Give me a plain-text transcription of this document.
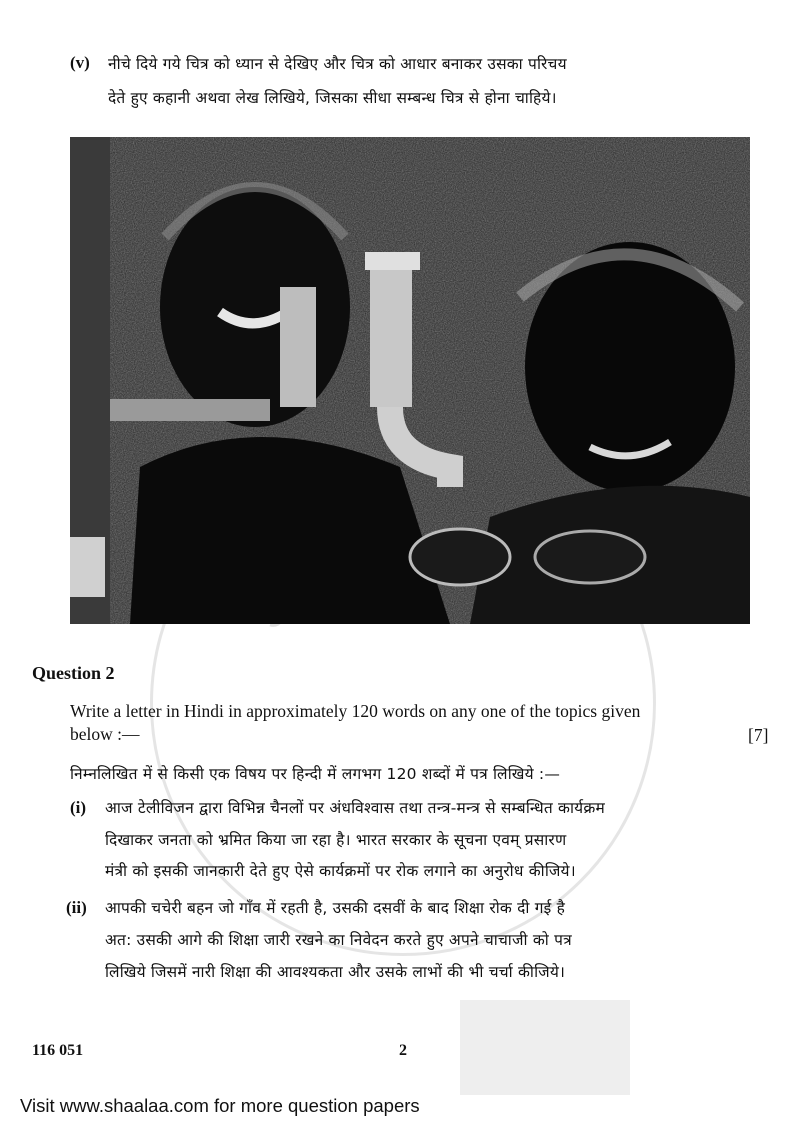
(v) नीचे दिये गये चित्र को ध्यान से देखिए और चित्र को आधार बनाकर उसका परिचय
देते हुए कहानी अथवा लेख लिखिये, जिसका सीधा सम्बन्ध चित्र से होना चाहिये।
Question 2
Write a letter in Hindi in approximately 120 words on any one of the topics given
below :—	[7]
निम्नलिखित में से किसी एक विषय पर हिन्दी में लगभग 120 शब्दों में पत्र लिखिये :—
(i) आज टेलीविजन द्वारा विभिन्न चैनलों पर अंधविश्वास तथा तन्त्र-मन्त्र से सम्बन्धित कार्यक्रम
दिखाकर जनता को भ्रमित किया जा रहा है। भारत सरकार के सूचना एवम् प्रसारण
मंत्री को इसकी जानकारी देते हुए ऐसे कार्यक्रमों पर रोक लगाने का अनुरोध कीजिये।
(ii) आपकी चचेरी बहन जो गाँव में रहती है, उसकी दसवीं के बाद शिक्षा रोक दी गई है
अत: उसकी आगे की शिक्षा जारी रखने का निवेदन करते हुए अपने चाचाजी को पत्र
लिखिये जिसमें नारी शिक्षा की आवश्यकता और उसके लाभों की भी चर्चा कीजिये।
116 051	2
Visit www.shaalaa.com for more question papers
